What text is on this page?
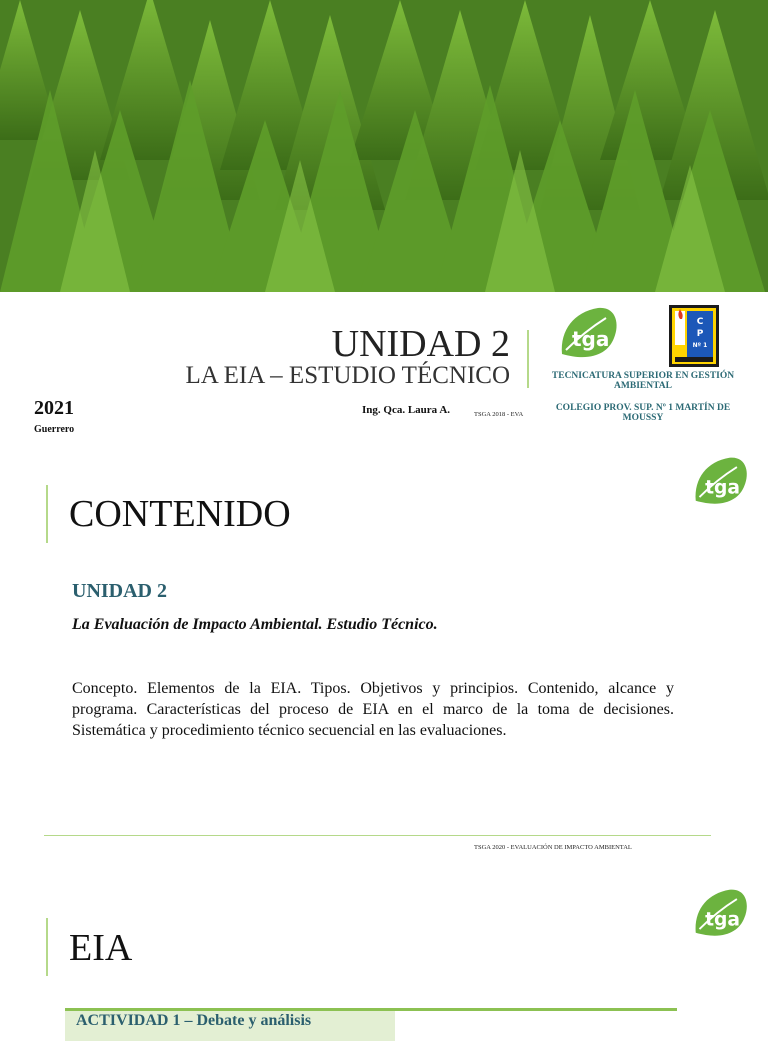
UNIDAD 2
LA EIA – ESTUDIO TÉCNICO
2021
Guerrero
Ing. Qca. Laura A.	TSGA 2018 - EVA
tga
C
P
Nº 1
TECNICATURA SUPERIOR EN GESTIÓN AMBIENTAL
COLEGIO PROV. SUP. Nº 1 MARTÍN DE MOUSSY
tga
CONTENIDO
UNIDAD 2
La Evaluación de Impacto Ambiental. Estudio Técnico.
Concepto. Elementos de la EIA. Tipos. Objetivos y principios. Contenido, alcance y programa. Características del proceso de EIA en el marco de la toma de decisiones. Sistemática y procedimiento técnico secuencial en las evaluaciones.
TSGA 2020 - EVALUACIÓN DE IMPACTO AMBIENTAL
tga
EIA
ACTIVIDAD 1 – Debate y análisis
